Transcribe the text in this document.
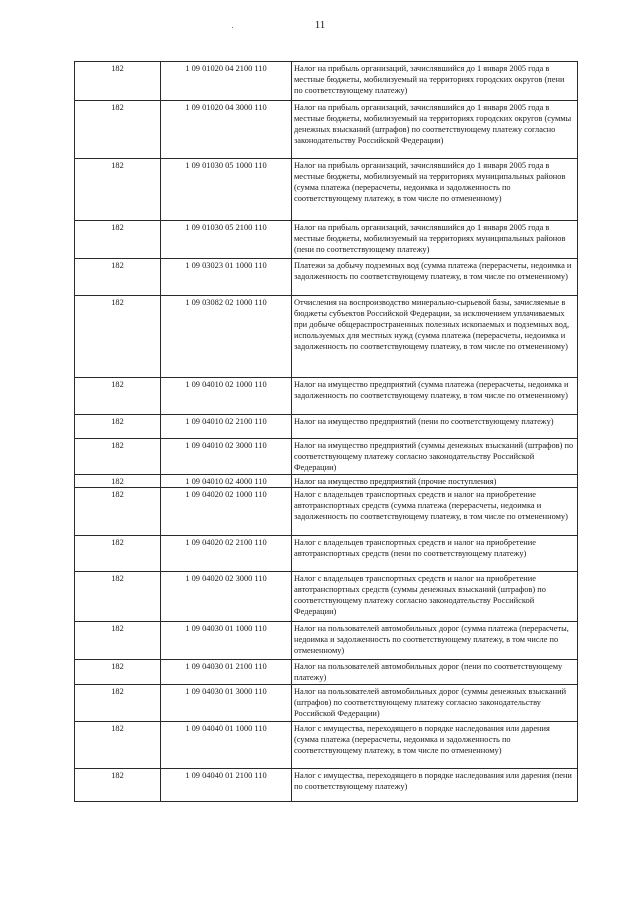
11
182	1 09 01020 04 2100 110	Налог на прибыль организаций, зачислявшийся до 1 января 2005 года в местные бюджеты, мобилизуемый на территориях городских округов (пени по соответствующему платежу)
182	1 09 01020 04 3000 110	Налог на прибыль организаций, зачислявшийся до 1 января 2005 года в местные бюджеты, мобилизуемый на территориях городских округов (суммы денежных взысканий (штрафов) по соответствующему платежу согласно законодательству Российской Федерации)
182	1 09 01030 05 1000 110	Налог на прибыль организаций, зачислявшийся до 1 января 2005 года в местные бюджеты, мобилизуемый на территориях муниципальных районов (сумма платежа (перерасчеты, недоимка и задолженность по соответствующему платежу, в том числе по отмененному)
182	1 09 01030 05 2100 110	Налог на прибыль организаций, зачислявшийся до 1 января 2005 года в местные бюджеты, мобилизуемый на территориях муниципальных районов (пени по соответствующему платежу)
182	1 09 03023 01 1000 110	Платежи за добычу подземных вод (сумма платежа (перерасчеты, недоимка и задолженность по соответствующему платежу, в том числе по отмененному)
182	1 09 03082 02 1000 110	Отчисления на воспроизводство минерально-сырьевой базы, зачисляемые в бюджеты субъектов Российской Федерации, за исключением уплачиваемых при добыче общераспространенных полезных ископаемых и подземных вод, используемых для местных нужд (сумма платежа (перерасчеты, недоимка и задолженность по соответствующему платежу, в том числе по отмененному)
182	1 09 04010 02 1000 110	Налог на имущество предприятий (сумма платежа (перерасчеты, недоимка и задолженность по соответствующему платежу, в том числе по отмененному)
182	1 09 04010 02 2100 110	Налог на имущество предприятий (пени по соответствующему платежу)
182	1 09 04010 02 3000 110	Налог на имущество предприятий (суммы денежных взысканий (штрафов) по соответствующему платежу согласно законодательству Российской Федерации)
182	1 09 04010 02 4000 110	Налог на имущество предприятий (прочие поступления)
182	1 09 04020 02 1000 110	Налог с владельцев транспортных средств и налог на приобретение автотранспортных средств (сумма платежа (перерасчеты, недоимка и задолженность по соответствующему платежу, в том числе по отмененному)
182	1 09 04020 02 2100 110	Налог с владельцев транспортных средств и налог на приобретение автотранспортных средств (пени по соответствующему платежу)
182	1 09 04020 02 3000 110	Налог с владельцев транспортных средств и налог на приобретение автотранспортных средств (суммы денежных взысканий (штрафов) по соответствующему платежу согласно законодательству Российской Федерации)
182	1 09 04030 01 1000 110	Налог на пользователей автомобильных дорог (сумма платежа (перерасчеты, недоимка и задолженность по соответствующему платежу, в том числе по отмененному)
182	1 09 04030 01 2100 110	Налог на пользователей автомобильных дорог (пени по соответствующему платежу)
182	1 09 04030 01 3000 110	Налог на пользователей автомобильных дорог (суммы денежных взысканий (штрафов) по соответствующему платежу согласно законодательству Российской Федерации)
182	1 09 04040 01 1000 110	Налог с имущества, переходящего в порядке наследования или дарения (сумма платежа (перерасчеты, недоимка и задолженность по соответствующему платежу, в том числе по отмененному)
182	1 09 04040 01 2100 110	Налог с имущества, переходящего в порядке наследования или дарения (пени по соответствующему платежу)
